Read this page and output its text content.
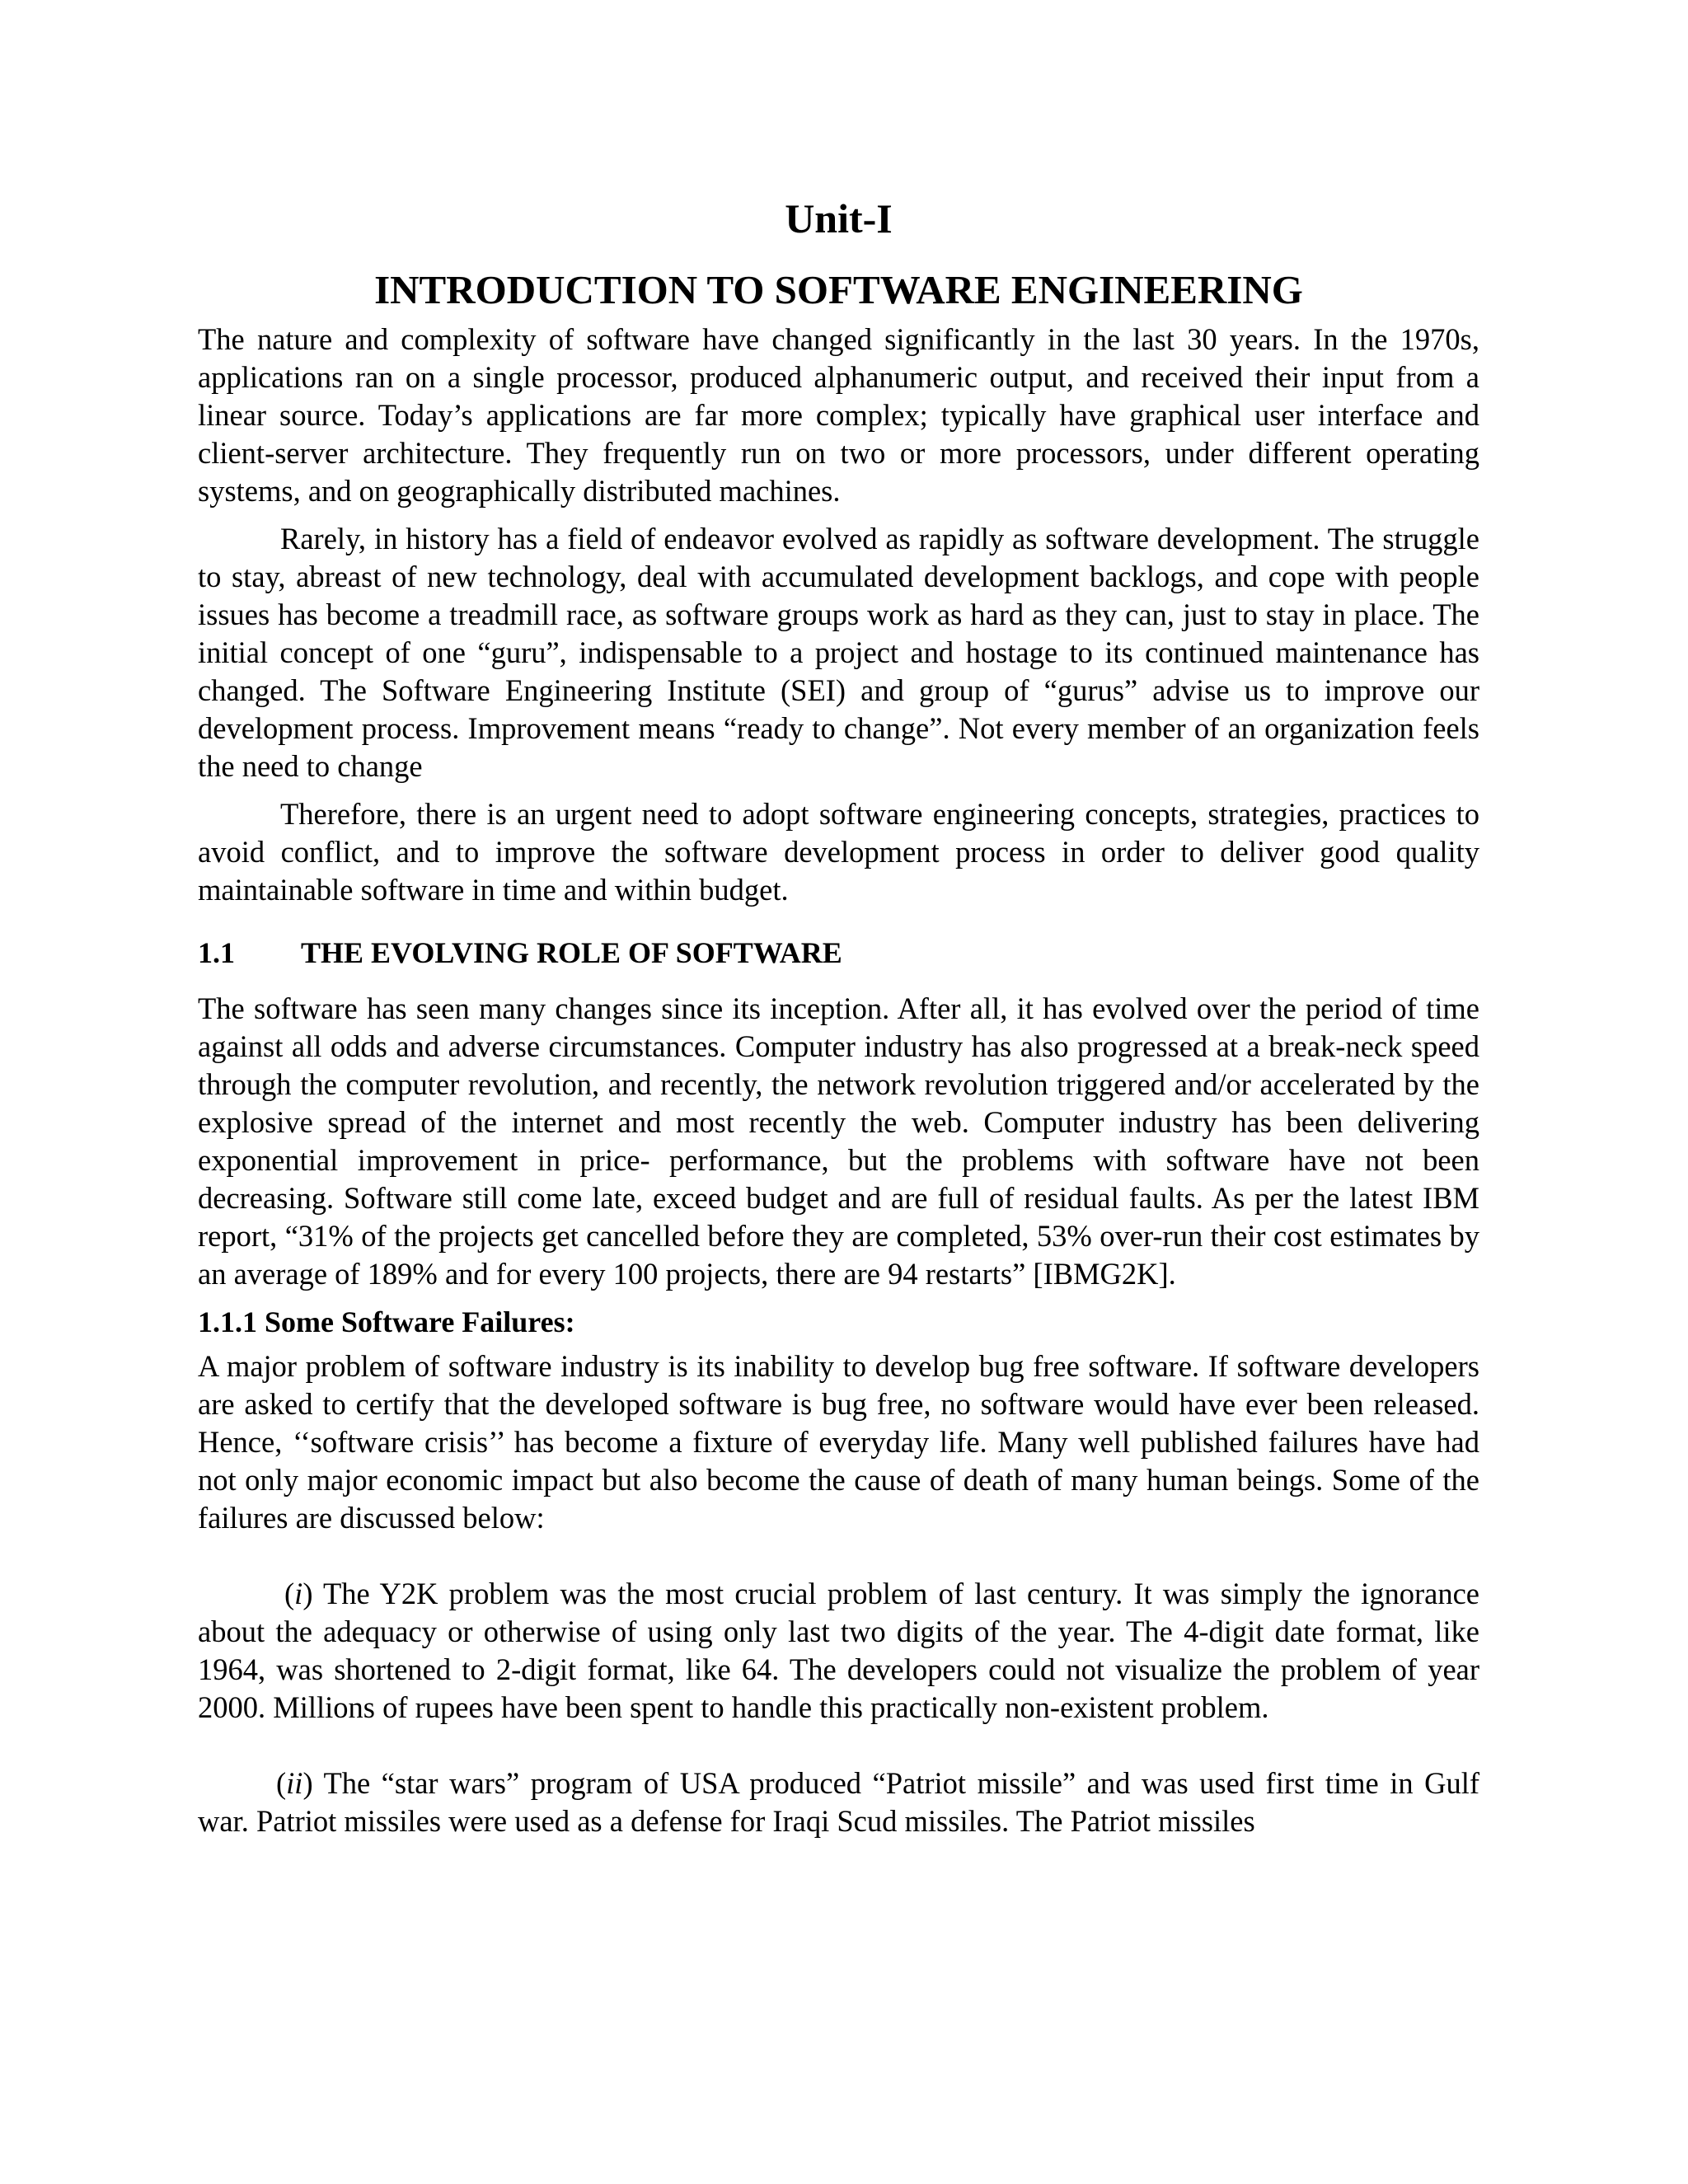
Unit-I
INTRODUCTION TO SOFTWARE ENGINEERING

The nature and complexity of software have changed significantly in the last 30 years. In the 1970s, applications ran on a single processor, produced alphanumeric output, and received their input from a linear source. Today’s applications are far more complex; typically have graphical user interface and client-server architecture. They frequently run on two or more processors, under different operating systems, and on geographically distributed machines.

Rarely, in history has a field of endeavor evolved as rapidly as software development. The struggle to stay, abreast of new technology, deal with accumulated development backlogs, and cope with people issues has become a treadmill race, as software groups work as hard as they can, just to stay in place. The initial concept of one “guru”, indispensable to a project and hostage to its continued maintenance has changed. The Software Engineering Institute (SEI) and group of “gurus” advise us to improve our development process. Improvement means “ready to change”. Not every member of an organization feels the need to change

Therefore, there is an urgent need to adopt software engineering concepts, strategies, practices to avoid conflict, and to improve the software development process in order to deliver good quality maintainable software in time and within budget.

1.1 THE EVOLVING ROLE OF SOFTWARE

The software has seen many changes since its inception. After all, it has evolved over the period of time against all odds and adverse circumstances. Computer industry has also progressed at a break-neck speed through the computer revolution, and recently, the network revolution triggered and/or accelerated by the explosive spread of the internet and most recently the web. Computer industry has been delivering exponential improvement in price- performance, but the problems with software have not been decreasing. Software still come late, exceed budget and are full of residual faults. As per the latest IBM report, “31% of the projects get cancelled before they are completed, 53% over-run their cost estimates by an average of 189% and for every 100 projects, there are 94 restarts” [IBMG2K].

1.1.1 Some Software Failures:

A major problem of software industry is its inability to develop bug free software. If software developers are asked to certify that the developed software is bug free, no software would have ever been released. Hence, ‘‘software crisis’’ has become a fixture of everyday life. Many well published failures have had not only major economic impact but also become the cause of death of many human beings. Some of the failures are discussed below:

(i) The Y2K problem was the most crucial problem of last century. It was simply the ignorance about the adequacy or otherwise of using only last two digits of the year. The 4-digit date format, like 1964, was shortened to 2-digit format, like 64. The developers could not visualize the problem of year 2000. Millions of rupees have been spent to handle this practically non-existent problem.

(ii) The “star wars” program of USA produced “Patriot missile” and was used first time in Gulf war. Patriot missiles were used as a defense for Iraqi Scud missiles. The Patriot missiles
